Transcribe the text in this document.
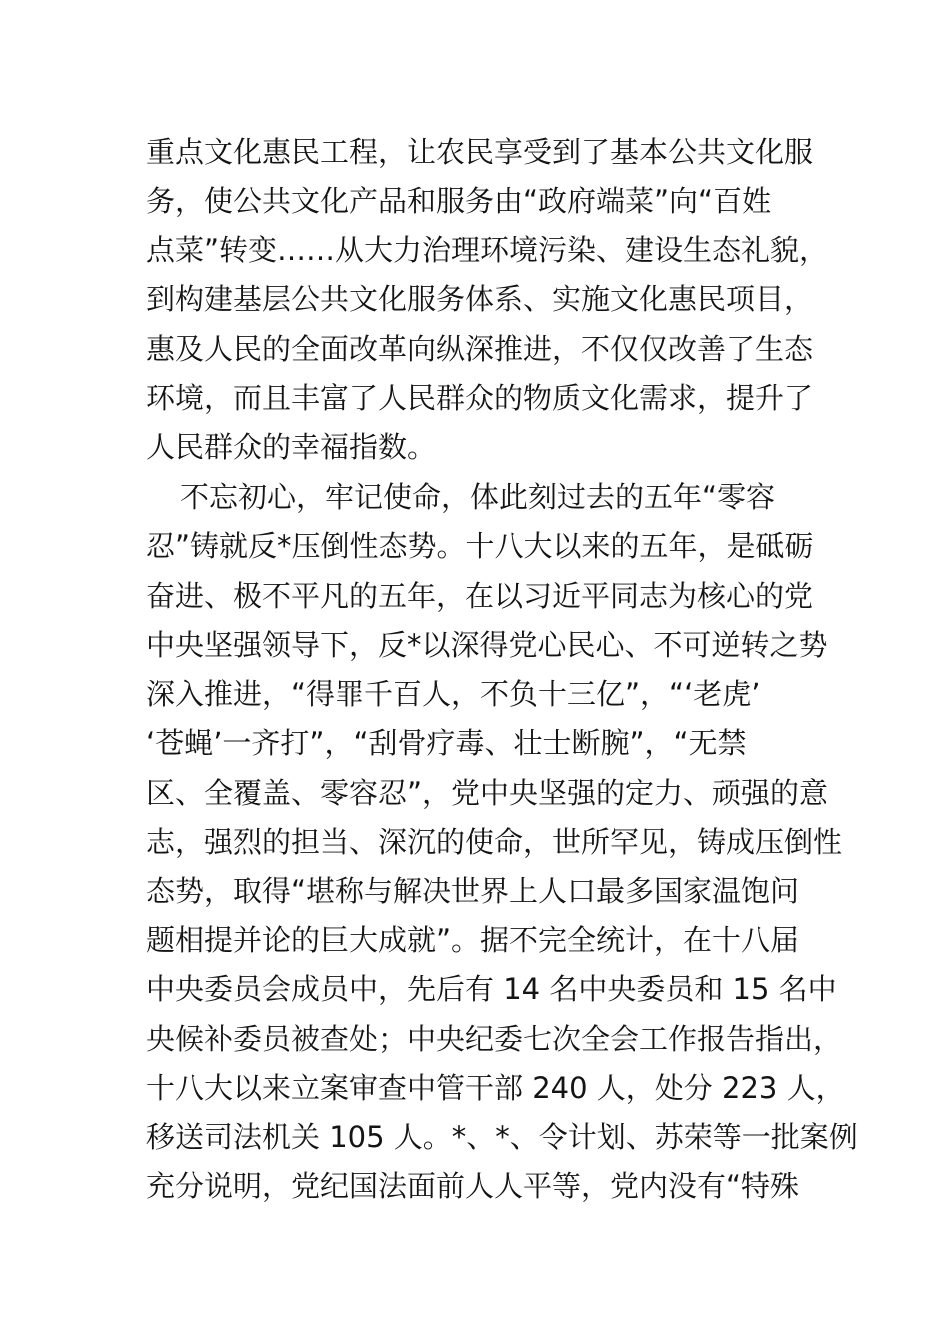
重点文化惠民工程，让农民享受到了基本公共文化服
务，使公共文化产品和服务由“政府端菜”向“百姓
点菜”转变……从大力治理环境污染、建设生态礼貌，
到构建基层公共文化服务体系、实施文化惠民项目，
惠及人民的全面改革向纵深推进，不仅仅改善了生态
环境，而且丰富了人民群众的物质文化需求，提升了
人民群众的幸福指数。
不忘初心，牢记使命，体此刻过去的五年“零容
忍”铸就反*压倒性态势。十八大以来的五年，是砥砺
奋进、极不平凡的五年，在以习近平同志为核心的党
中央坚强领导下，反*以深得党心民心、不可逆转之势
深入推进，“得罪千百人，不负十三亿”，“‘老虎’
‘苍蝇’一齐打”，“刮骨疗毒、壮士断腕”，“无禁
区、全覆盖、零容忍”，党中央坚强的定力、顽强的意
志，强烈的担当、深沉的使命，世所罕见，铸成压倒性
态势，取得“堪称与解决世界上人口最多国家温饱问
题相提并论的巨大成就”。据不完全统计，在十八届
中央委员会成员中，先后有 14 名中央委员和 15 名中
央候补委员被查处；中央纪委七次全会工作报告指出，
十八大以来立案审查中管干部 240 人，处分 223 人，
移送司法机关 105 人。*、*、令计划、苏荣等一批案例
充分说明，党纪国法面前人人平等，党内没有“特殊
